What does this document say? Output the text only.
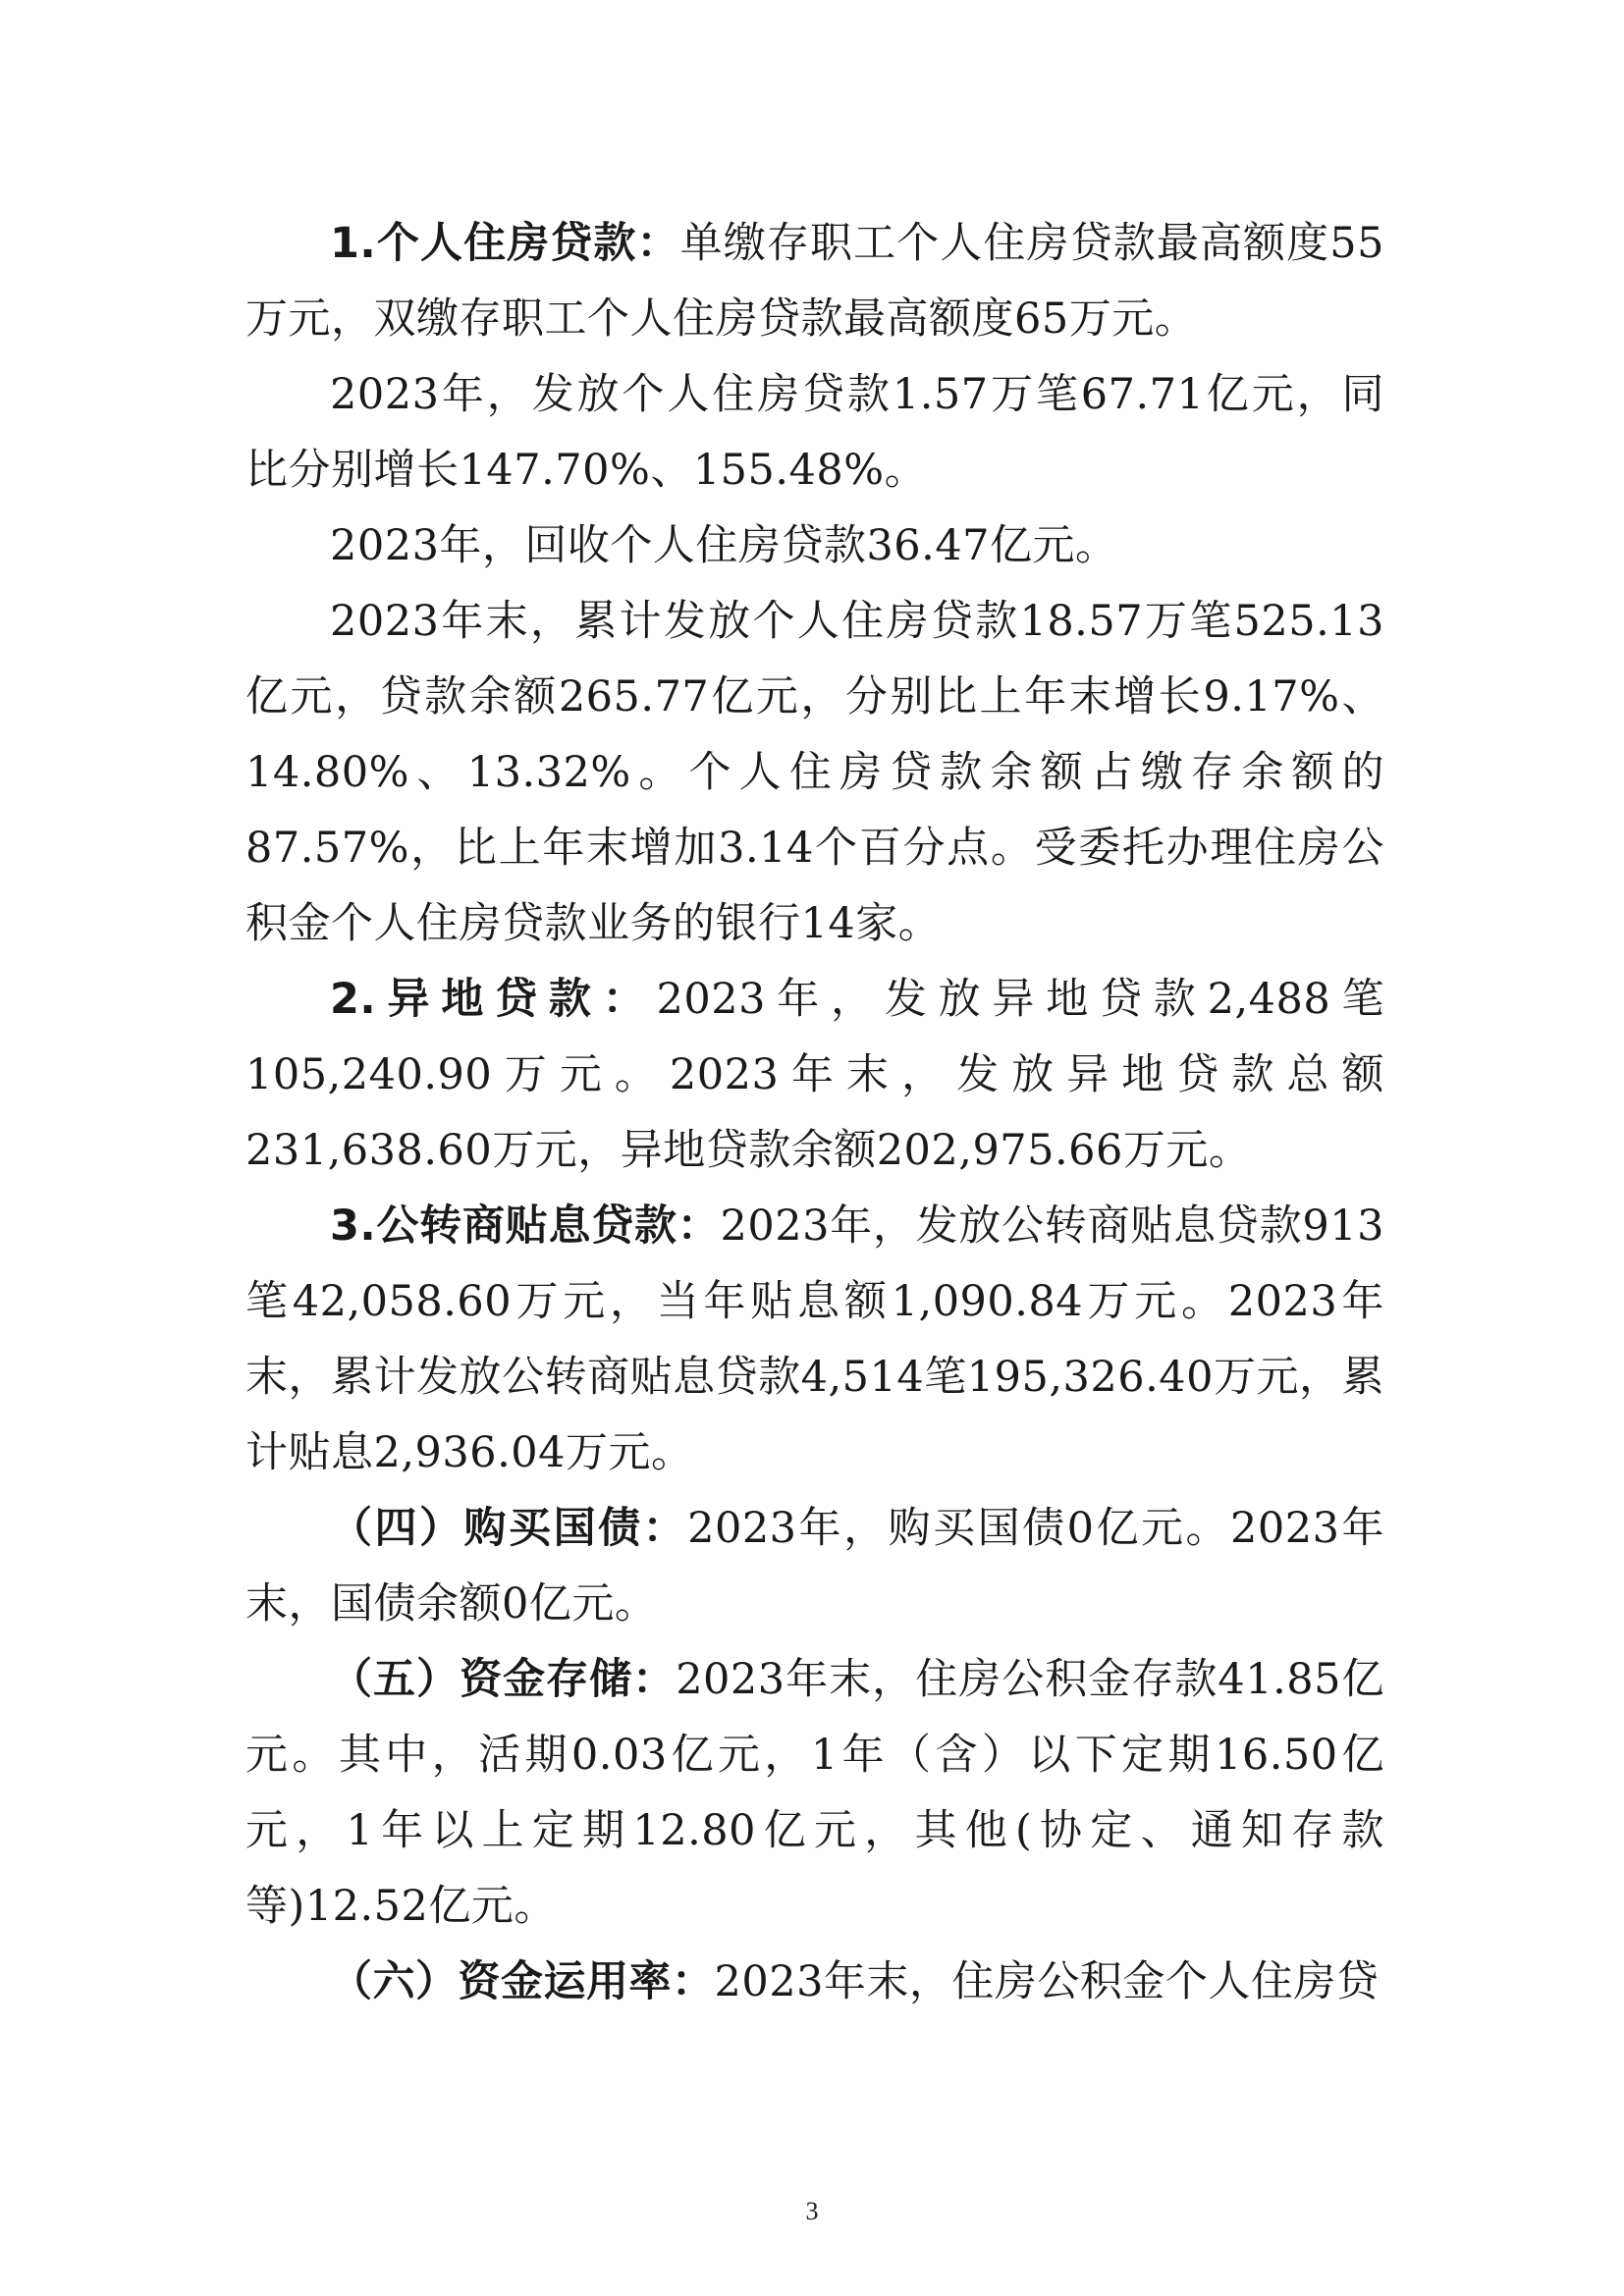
1.个人住房贷款：单缴存职工个人住房贷款最高额度55万元，双缴存职工个人住房贷款最高额度65万元。

2023年，发放个人住房贷款1.57万笔67.71亿元，同比分别增长147.70%、155.48%。

2023年，回收个人住房贷款36.47亿元。

2023年末，累计发放个人住房贷款18.57万笔525.13亿元，贷款余额265.77亿元，分别比上年末增长9.17%、14.80%、13.32%。个人住房贷款余额占缴存余额的87.57%，比上年末增加3.14个百分点。受委托办理住房公积金个人住房贷款业务的银行14家。

2.异地贷款：2023年，发放异地贷款2,488笔105,240.90万元。2023年末，发放异地贷款总额231,638.60万元，异地贷款余额202,975.66万元。

3.公转商贴息贷款：2023年，发放公转商贴息贷款913笔42,058.60万元，当年贴息额1,090.84万元。2023年末，累计发放公转商贴息贷款4,514笔195,326.40万元，累计贴息2,936.04万元。

（四）购买国债：2023年，购买国债0亿元。2023年末，国债余额0亿元。

（五）资金存储：2023年末，住房公积金存款41.85亿元。其中，活期0.03亿元，1年（含）以下定期16.50亿元，1年以上定期12.80亿元，其他(协定、通知存款等)12.52亿元。

（六）资金运用率：2023年末，住房公积金个人住房贷

3
